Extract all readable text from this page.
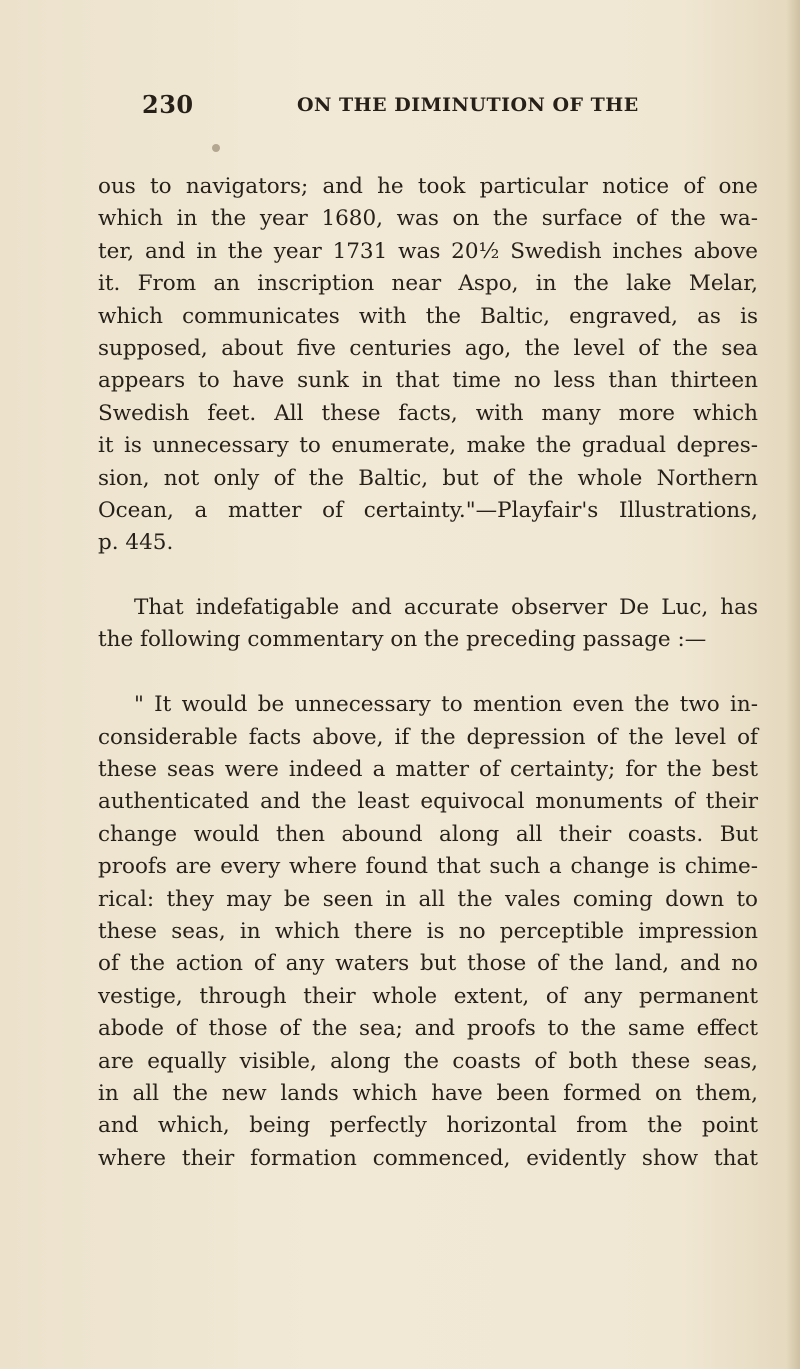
230	ON THE DIMINUTION OF THE
ous to navigators; and he took particular notice of one
which in the year 1680, was on the surface of the wa-
ter, and in the year 1731 was 20½ Swedish inches above
it. From an inscription near Aspo, in the lake Melar,
which communicates with the Baltic, engraved, as is
supposed, about five centuries ago, the level of the sea
appears to have sunk in that time no less than thirteen
Swedish feet. All these facts, with many more which
it is unnecessary to enumerate, make the gradual depres-
sion, not only of the Baltic, but of the whole Northern
Ocean, a matter of certainty."—Playfair's Illustrations,
p. 445.
That indefatigable and accurate observer De Luc, has
the following commentary on the preceding passage :—
" It would be unnecessary to mention even the two in-
considerable facts above, if the depression of the level of
these seas were indeed a matter of certainty; for the best
authenticated and the least equivocal monuments of their
change would then abound along all their coasts. But
proofs are every where found that such a change is chime-
rical: they may be seen in all the vales coming down to
these seas, in which there is no perceptible impression
of the action of any waters but those of the land, and no
vestige, through their whole extent, of any permanent
abode of those of the sea; and proofs to the same effect
are equally visible, along the coasts of both these seas,
in all the new lands which have been formed on them,
and which, being perfectly horizontal from the point
where their formation commenced, evidently show that
